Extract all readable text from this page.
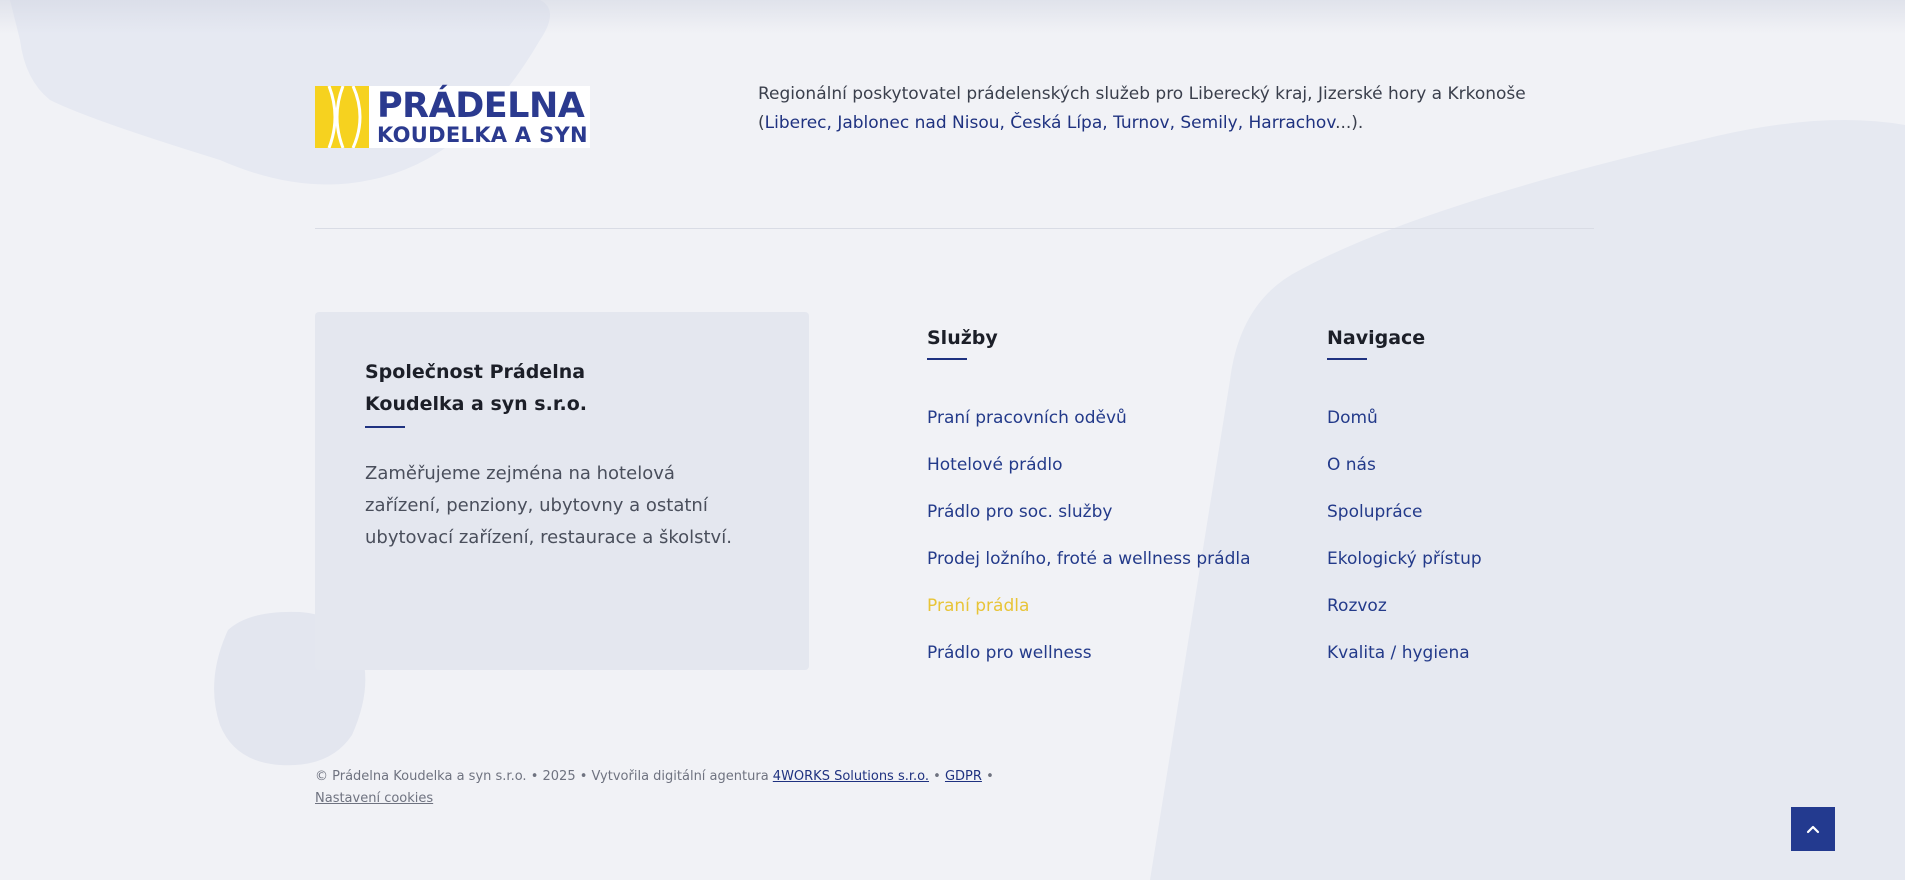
PRÁDELNA
KOUDELKA A SYN
Regionální poskytovatel prádelenských služeb pro Liberecký kraj, Jizerské hory a Krkonoše
(Liberec, Jablonec nad Nisou, Česká Lípa, Turnov, Semily, Harrachov...).
Společnost Prádelna Koudelka a syn s.r.o.
Zaměřujeme zejména na hotelová zařízení, penziony, ubytovny a ostatní ubytovací zařízení, restaurace a školství.
Služby
Praní pracovních oděvů
Hotelové prádlo
Prádlo pro soc. služby
Prodej ložního, froté a wellness prádla
Praní prádla
Prádlo pro wellness
Navigace
Domů
O nás
Spolupráce
Ekologický přístup
Rozvoz
Kvalita / hygiena
© Prádelna Koudelka a syn s.r.o. • 2025 • Vytvořila digitální agentura 4WORKS Solutions s.r.o. • GDPR •
Nastavení cookies
